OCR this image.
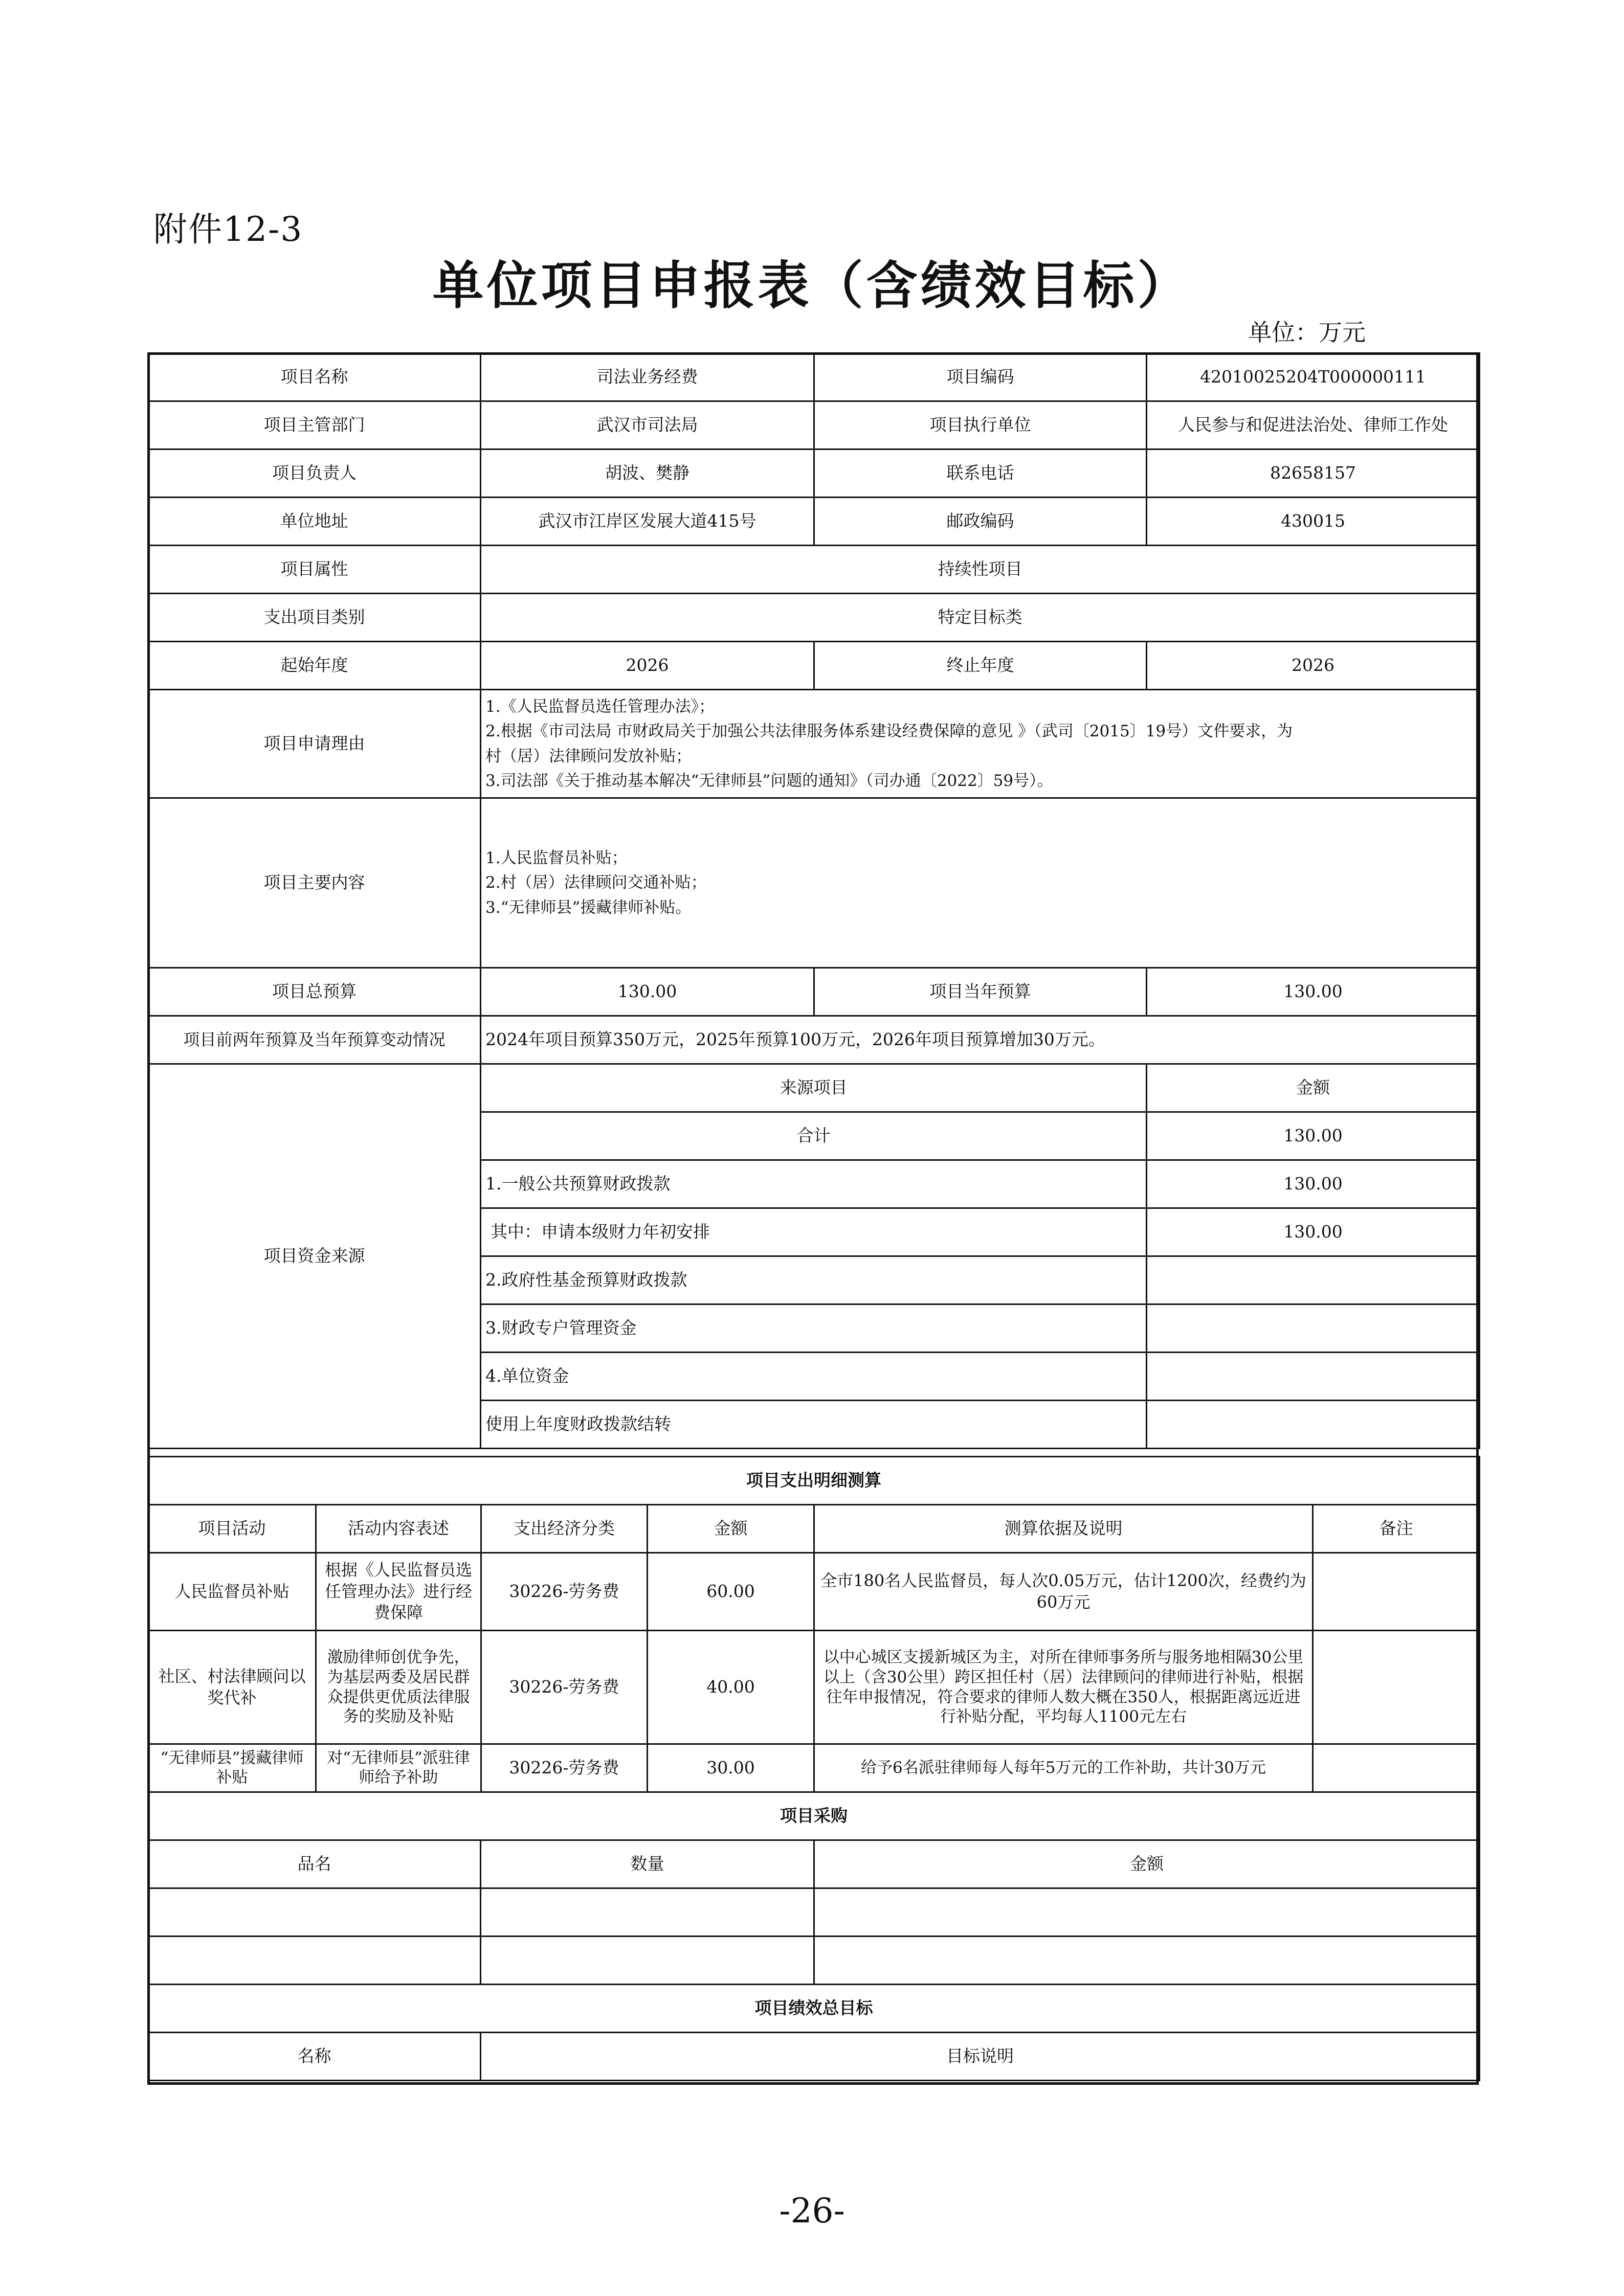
附件12-3
单位项目申报表（含绩效目标）
单位：万元
项目名称	司法业务经费	项目编码	42010025204T000000111
项目主管部门	武汉市司法局	项目执行单位	人民参与和促进法治处、律师工作处
项目负责人	胡波、樊静	联系电话	82658157
单位地址	武汉市江岸区发展大道415号	邮政编码	430015
项目属性	持续性项目		
支出项目类别	特定目标类		
起始年度	2026	终止年度	2026
项目申请理由	1.《人民监督员选任管理办法》；
2.根据《市司法局 市财政局关于加强公共法律服务体系建设经费保障的意见 》（武司〔2015〕19号）文件要求，为
村（居）法律顾问发放补贴；
3.司法部《关于推动基本解决“无律师县”问题的通知》（司办通〔2022〕59号）。		

项目主要内容	1.人民监督员补贴；
2.村（居）法律顾问交通补贴；
3.“无律师县”援藏律师补贴。		

项目总预算	130.00	项目当年预算	130.00
项目前两年预算及当年预算变动情况	2024年项目预算350万元，2025年预算100万元，2026年项目预算增加30万元。		
项目资金来源	来源项目		金额
	合计		130.00
	1.一般公共预算财政拨款		130.00
	其中：申请本级财力年初安排		130.00
	2.政府性基金预算财政拨款		
	3.财政专户管理资金		
	4.单位资金		
	使用上年度财政拨款结转		
项目支出明细测算					
项目活动	活动内容表述	支出经济分类	金额	测算依据及说明	备注
人民监督员补贴	根据《人民监督员选任管理办法》进行经费保障	30226-劳务费	60.00	全市180名人民监督员，每人次0.05万元，估计1200次，经费约为60万元	
社区、村法律顾问以奖代补	激励律师创优争先，为基层两委及居民群众提供更优质法律服务的奖励及补贴	30226-劳务费	40.00	以中心城区支援新城区为主，对所在律师事务所与服务地相隔30公里以上（含30公里）跨区担任村（居）法律顾问的律师进行补贴，根据往年申报情况，符合要求的律师人数大概在350人，根据距离远近进行补贴分配，平均每人1100元左右	
“无律师县”援藏律师补贴	对“无律师县”派驻律师给予补助	30226-劳务费	30.00	给予6名派驻律师每人每年5万元的工作补助，共计30万元	
项目采购		
品名	数量	金额

项目绩效总目标		
名称	目标说明	
-26-
